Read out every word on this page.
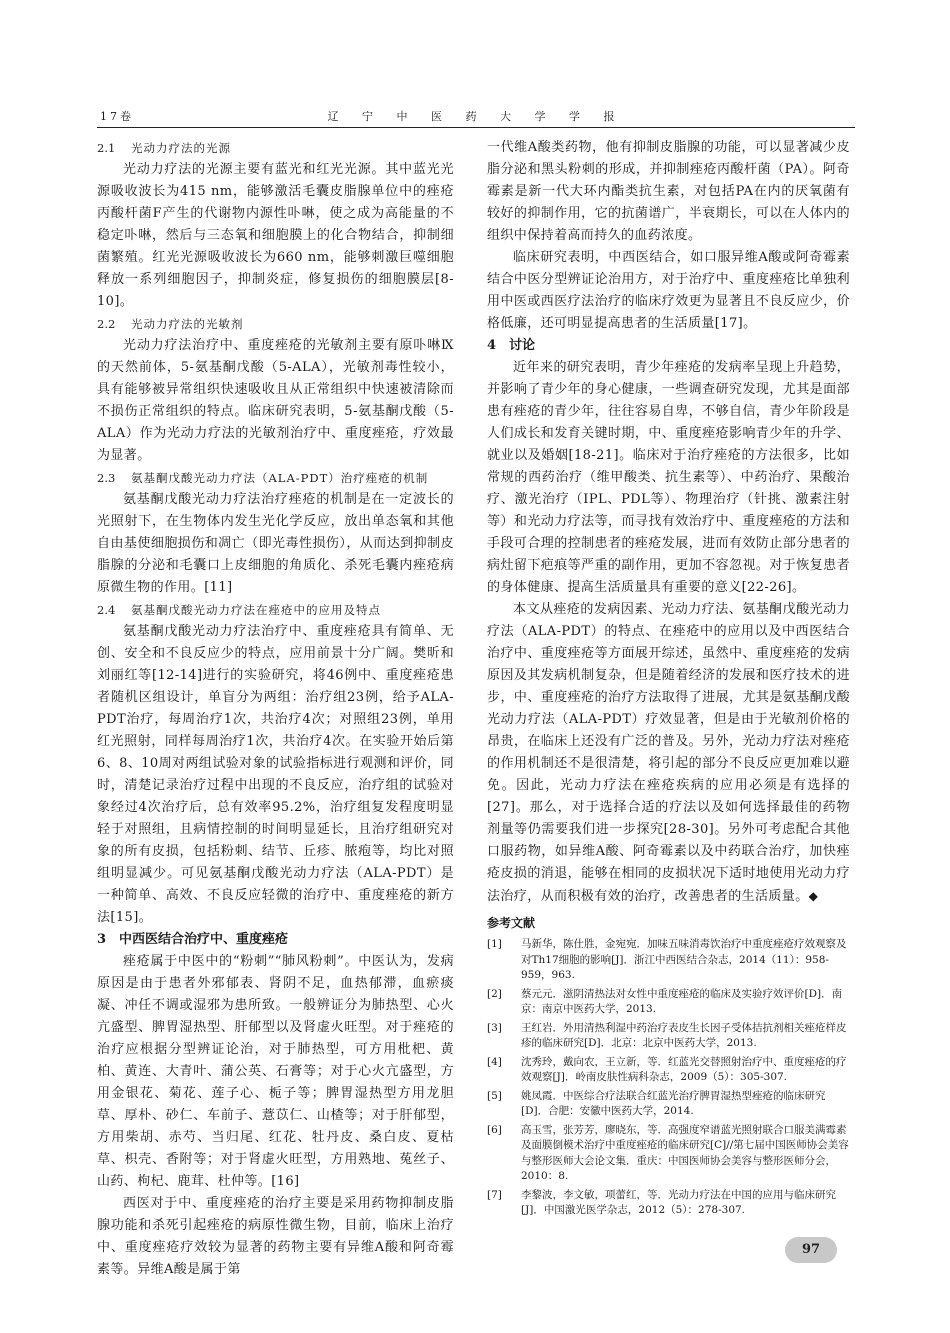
17卷	辽 宁 中 医 药 大 学 学 报
2.1 光动力疗法的光源

光动力疗法的光源主要有蓝光和红光光源。其中蓝光光源吸收波长为415 nm，能够激活毛囊皮脂腺单位中的痤疮丙酸杆菌F产生的代谢物内源性卟啉，使之成为高能量的不稳定卟啉，然后与三态氧和细胞膜上的化合物结合，抑制细菌繁殖。红光光源吸收波长为660 nm，能够刺激巨噬细胞释放一系列细胞因子，抑制炎症，修复损伤的细胞膜层[8-10]。

2.2 光动力疗法的光敏剂

光动力疗法治疗中、重度痤疮的光敏剂主要有原卟啉Ⅸ的天然前体，5-氨基酮戊酸（5-ALA），光敏剂毒性较小，具有能够被异常组织快速吸收且从正常组织中快速被清除而不损伤正常组织的特点。临床研究表明，5-氨基酮戊酸（5-ALA）作为光动力疗法的光敏剂治疗中、重度痤疮，疗效最为显著。

2.3 氨基酮戊酸光动力疗法（ALA-PDT）治疗痤疮的机制

氨基酮戊酸光动力疗法治疗痤疮的机制是在一定波长的光照射下，在生物体内发生光化学反应，放出单态氧和其他自由基使细胞损伤和凋亡（即光毒性损伤），从而达到抑制皮脂腺的分泌和毛囊口上皮细胞的角质化、杀死毛囊内痤疮病原微生物的作用。[11]

2.4 氨基酮戊酸光动力疗法在痤疮中的应用及特点

氨基酮戊酸光动力疗法治疗中、重度痤疮具有简单、无创、安全和不良反应少的特点，应用前景十分广阔。樊昕和刘丽红等[12-14]进行的实验研究，将46例中、重度痤疮患者随机区组设计，单盲分为两组：治疗组23例，给予ALA-PDT治疗，每周治疗1次，共治疗4次；对照组23例，单用红光照射，同样每周治疗1次，共治疗4次。在实验开始后第6、8、10周对两组试验对象的试验指标进行观测和评价，同时，清楚记录治疗过程中出现的不良反应，治疗组的试验对象经过4次治疗后，总有效率95.2%，治疗组复发程度明显轻于对照组，且病情控制的时间明显延长，且治疗组研究对象的所有皮损，包括粉刺、结节、丘疹、脓疱等，均比对照组明显减少。可见氨基酮戊酸光动力疗法（ALA-PDT）是一种简单、高效、不良反应轻微的治疗中、重度痤疮的新方法[15]。

3 中西医结合治疗中、重度痤疮

痤疮属于中医中的“粉刺”“肺风粉刺”。中医认为，发病原因是由于患者外邪郁表、肾阴不足，血热郁滞，血瘀痰凝、冲任不调或湿邪为患所致。一般辨证分为肺热型、心火亢盛型、脾胃湿热型、肝郁型以及肾虚火旺型。对于痤疮的治疗应根据分型辨证论治，对于肺热型，可方用枇杷、黄柏、黄连、大青叶、蒲公英、石膏等；对于心火亢盛型，方用金银花、菊花、莲子心、栀子等；脾胃湿热型方用龙胆草、厚朴、砂仁、车前子、薏苡仁、山楂等；对于肝郁型，方用柴胡、赤芍、当归尾、红花、牡丹皮、桑白皮、夏枯草、枳壳、香附等；对于肾虚火旺型，方用熟地、菟丝子、山药、枸杞、鹿茸、杜仲等。[16]

西医对于中、重度痤疮的治疗主要是采用药物抑制皮脂腺功能和杀死引起痤疮的病原性微生物，目前，临床上治疗中、重度痤疮疗效较为显著的药物主要有异维A酸和阿奇霉素等。异维A酸是属于第

一代维A酸类药物，他有抑制皮脂腺的功能，可以显著减少皮脂分泌和黑头粉刺的形成，并抑制痤疮丙酸杆菌（PA）。阿奇霉素是新一代大环内酯类抗生素，对包括PA在内的厌氧菌有较好的抑制作用，它的抗菌谱广，半衰期长，可以在人体内的组织中保持着高而持久的血药浓度。

临床研究表明，中西医结合，如口服异维A酸或阿奇霉素结合中医分型辨证论治用方，对于治疗中、重度痤疮比单独利用中医或西医疗法治疗的临床疗效更为显著且不良反应少，价格低廉，还可明显提高患者的生活质量[17]。

4 讨论

近年来的研究表明，青少年痤疮的发病率呈现上升趋势，并影响了青少年的身心健康，一些调查研究发现，尤其是面部患有痤疮的青少年，往往容易自卑，不够自信，青少年阶段是人们成长和发育关键时期，中、重度痤疮影响青少年的升学、就业以及婚姻[18-21]。临床对于治疗痤疮的方法很多，比如常规的西药治疗（维甲酸类、抗生素等）、中药治疗、果酸治疗、激光治疗（IPL、PDL等）、物理治疗（针挑、激素注射等）和光动力疗法等，而寻找有效治疗中、重度痤疮的方法和手段可合理的控制患者的痤疮发展，进而有效防止部分患者的病灶留下疤痕等严重的副作用，更加不容忽视。对于恢复患者的身体健康、提高生活质量具有重要的意义[22-26]。

本文从痤疮的发病因素、光动力疗法、氨基酮戊酸光动力疗法（ALA-PDT）的特点、在痤疮中的应用以及中西医结合治疗中、重度痤疮等方面展开综述，虽然中、重度痤疮的发病原因及其发病机制复杂，但是随着经济的发展和医疗技术的进步，中、重度痤疮的治疗方法取得了进展，尤其是氨基酮戊酸光动力疗法（ALA-PDT）疗效显著，但是由于光敏剂价格的昂贵，在临床上还没有广泛的普及。另外，光动力疗法对痤疮的作用机制还不是很清楚，将引起的部分不良反应更加难以避免。因此，光动力疗法在痤疮疾病的应用必须是有选择的[27]。那么，对于选择合适的疗法以及如何选择最佳的药物剂量等仍需要我们进一步探究[28-30]。另外可考虑配合其他口服药物，如异维A酸、阿奇霉素以及中药联合治疗，加快痤疮皮损的消退，能够在相同的皮损状况下适时地使用光动力疗法治疗，从而积极有效的治疗，改善患者的生活质量。◆

参考文献
[1]	马新华，陈仕胜，金宛宛．加味五味消毒饮治疗中重度痤疮疗效观察及对Th17细胞的影响[J]．浙江中西医结合杂志，2014（11）：958-959，963.
[2]	蔡元元．滋阴清热法对女性中重度痤疮的临床及实验疗效评价[D]．南京：南京中医药大学，2013.
[3]	王红岩．外用清热利湿中药治疗表皮生长因子受体拮抗剂相关痤疮样皮疹的临床研究[D]．北京：北京中医药大学，2013.
[4]	沈秀玲，戴向农，王立新，等．红蓝光交替照射治疗中、重度痤疮的疗效观察[J]．岭南皮肤性病科杂志，2009（5）：305-307.
[5]	姚凤霞．中医综合疗法联合红蓝光治疗脾胃湿热型痤疮的临床研究[D]．合肥：安徽中医药大学，2014.
[6]	高玉雪，张芳芳，廖晓东，等．高强度窄谱蓝光照射联合口服美满霉素及面膜倒模术治疗中重度痤疮的临床研究[C]//第七届中国医师协会美容与整形医师大会论文集．重庆：中国医师协会美容与整形医师分会，2010：8.
[7]	李黎波，李文敏，项蕾红，等．光动力疗法在中国的应用与临床研究[J]．中国激光医学杂志，2012（5）：278-307.
97
